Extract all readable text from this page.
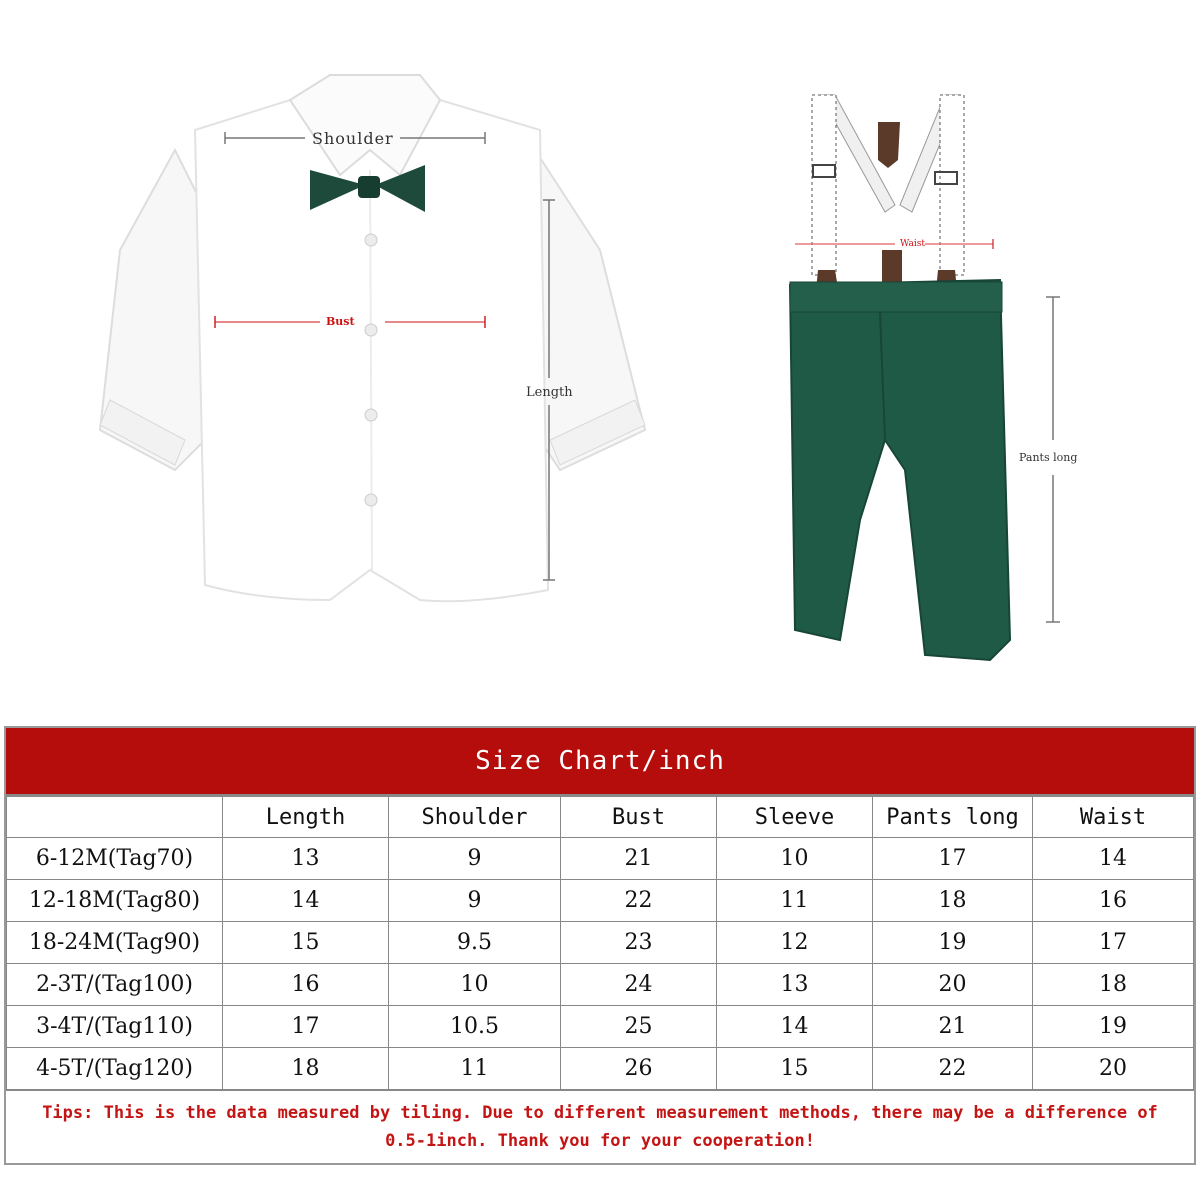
Shoulder
Bust
Length
Waist
Pants long
Size Chart/inch
	Length	Shoulder	Bust	Sleeve	Pants long	Waist
6-12M(Tag70)	13	9	21	10	17	14
12-18M(Tag80)	14	9	22	11	18	16
18-24M(Tag90)	15	9.5	23	12	19	17
2-3T/(Tag100)	16	10	24	13	20	18
3-4T/(Tag110)	17	10.5	25	14	21	19
4-5T/(Tag120)	18	11	26	15	22	20
Tips: This is the data measured by tiling. Due to different measurement methods, there may be a difference of 0.5-1inch. Thank you for your cooperation!
